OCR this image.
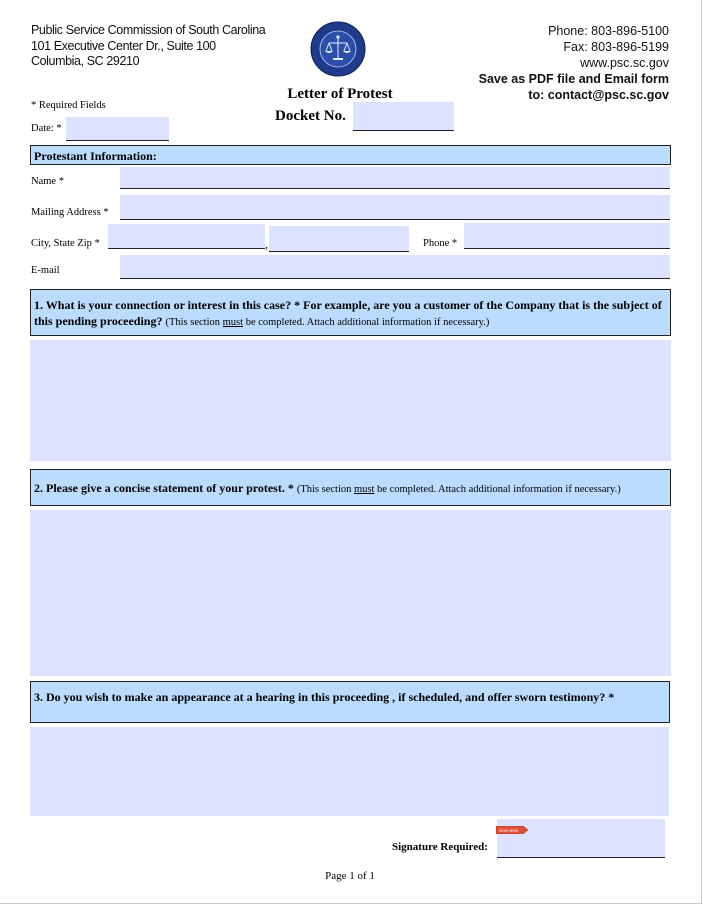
Public Service Commission of South Carolina
101 Executive Center Dr., Suite 100
Columbia, SC 29210
Phone: 803-896-5100
Fax: 803-896-5199
www.psc.sc.gov
Save as PDF file and Email form
to: contact@psc.sc.gov
Letter of Protest
Docket No.
* Required Fields
Date: *
Protestant Information:
Name *
Mailing Address *
City, State Zip *	,	Phone *
E-mail
1. What is your connection or interest in this case? * For example, are you a customer of the Company that is the subject of this pending proceeding? (This section must be completed. Attach additional information if necessary.)
2. Please give a concise statement of your protest. * (This section must be completed. Attach additional information if necessary.)
3. Do you wish to make an appearance at a hearing in this proceeding , if scheduled, and offer sworn testimony? *
Signature Required:
SIGN HERE
Page 1 of 1
